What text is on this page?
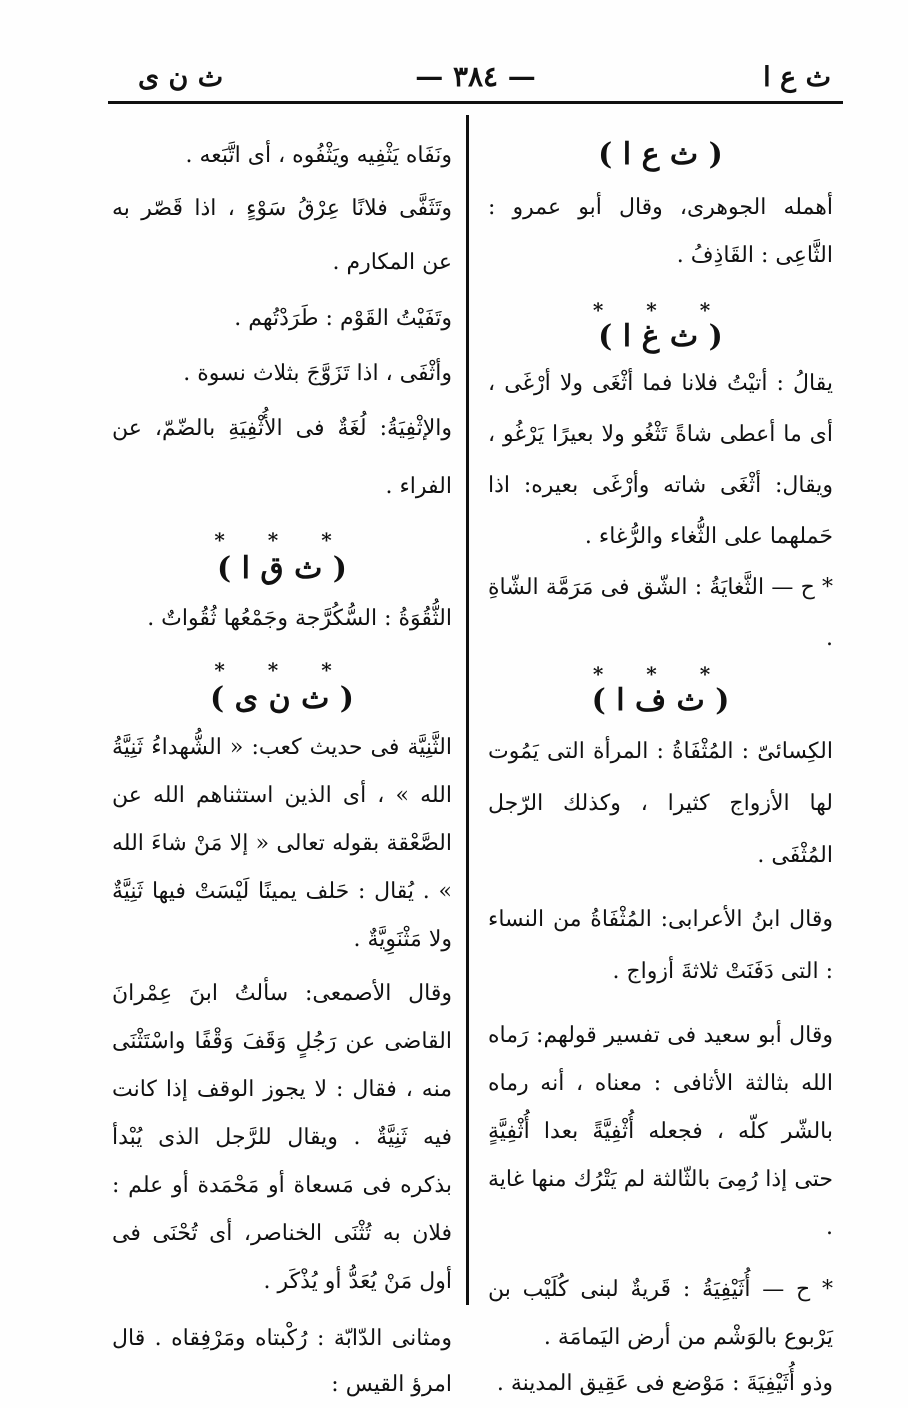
ث ع ا
— ٣٨٤ —
ث ن ى
( ث ع ا )

أهمله الجوهرى، وقال أبو عمرو : الثَّاعِى : القَاذِفُ .

* * *
( ث غ ا )

يقالُ : أتيْتُ فلانا فما أثْغَى ولا أرْغَى ، أى ما أعطى شاةً تَثْغُو ولا بعيرًا يَرْغُو ، ويقال: أثْغَى شاته وأرْغَى بعيره: اذا حَملهما على الثُّغاء والرُّغاء .

* ح — الثَّغايَةُ : الشّق فى مَرَمَّة الشّاةِ .

* * *
( ث ف ا )

الكِسائىّ : المُثْفَاةُ : المرأة التى يَمُوت لها الأزواج كثيرا ، وكذلك الرّجل المُثْفَى .

وقال ابنُ الأعرابى: المُثْفَاةُ من النساء : التى دَفَنَتْ ثلاثةَ أزواج .

وقال أبو سعيد فى تفسير قولهم: رَماه الله بثالثة الأثافى : معناه ، أنه رماه بالشّر كلّه ، فجعله أُثْفِيَّةً بعدا أُثْفِيَّةٍ حتى إذا رُمِىَ بالثّالثة لم يَتْرُك منها غاية .

* ح — أُثَيْفِيَةُ : قَريةٌ لبنى كُلَيْب بن يَرْبوع بالوَشْم من أرض اليَمامَة .

وذو أُثَيْفِيَةَ : مَوْضع فى عَقِيق المدينة .

ونَفَاه يَثْفِيه ويَثْفُوه ، أى اتَّبَعه .

وتَثَفَّى فلانًا عِرْقُ سَوْءٍ ، اذا قَصّر به عن المكارم .

وتَفَيْتُ القَوْم : طَرَدْتُهم .

وأثْفَى ، اذا تَزَوَّجَ بثلاث نسوة .

والإثْفِيَةُ: لُغَةٌ فى الأُثْفِيَةِ بالضّمّ، عن الفراء .

* * *
( ث ق ا )

الثُّقُوَةُ : السُّكُرَّجة وجَمْعُها ثُقُواتٌ .

* * *
( ث ن ى )

الثَّنِيَّة فى حديث كعب: « الشُّهداءُ ثَنِيَّةُ الله » ، أى الذين استثناهم الله عن الصَّعْقة بقوله تعالى « إلا مَنْ شاءَ الله » . يُقال : حَلف يمينًا لَيْسَتْ فيها ثَنِيَّةٌ ولا مَثْنَوِيَّةٌ .

وقال الأصمعى: سألتُ ابنَ عِمْرانَ القاضى عن رَجُلٍ وَقَفَ وَقْفًا واسْتَثْنَى منه ، فقال : لا يجوز الوقف إذا كانت فيه ثَنِيَّةٌ . ويقال للرَّجل الذى يُبْدأ بذكره فى مَسعاة أو مَحْمَدة أو علم : فلان به تُثْنَى الخناصر، أى تُحْنَى فى أول مَنْ يُعَدُّ أو يُذْكَر .

ومثانى الدّابّة : رُكْبتاه ومَرْفِقاه . قال امرؤ القيس :
